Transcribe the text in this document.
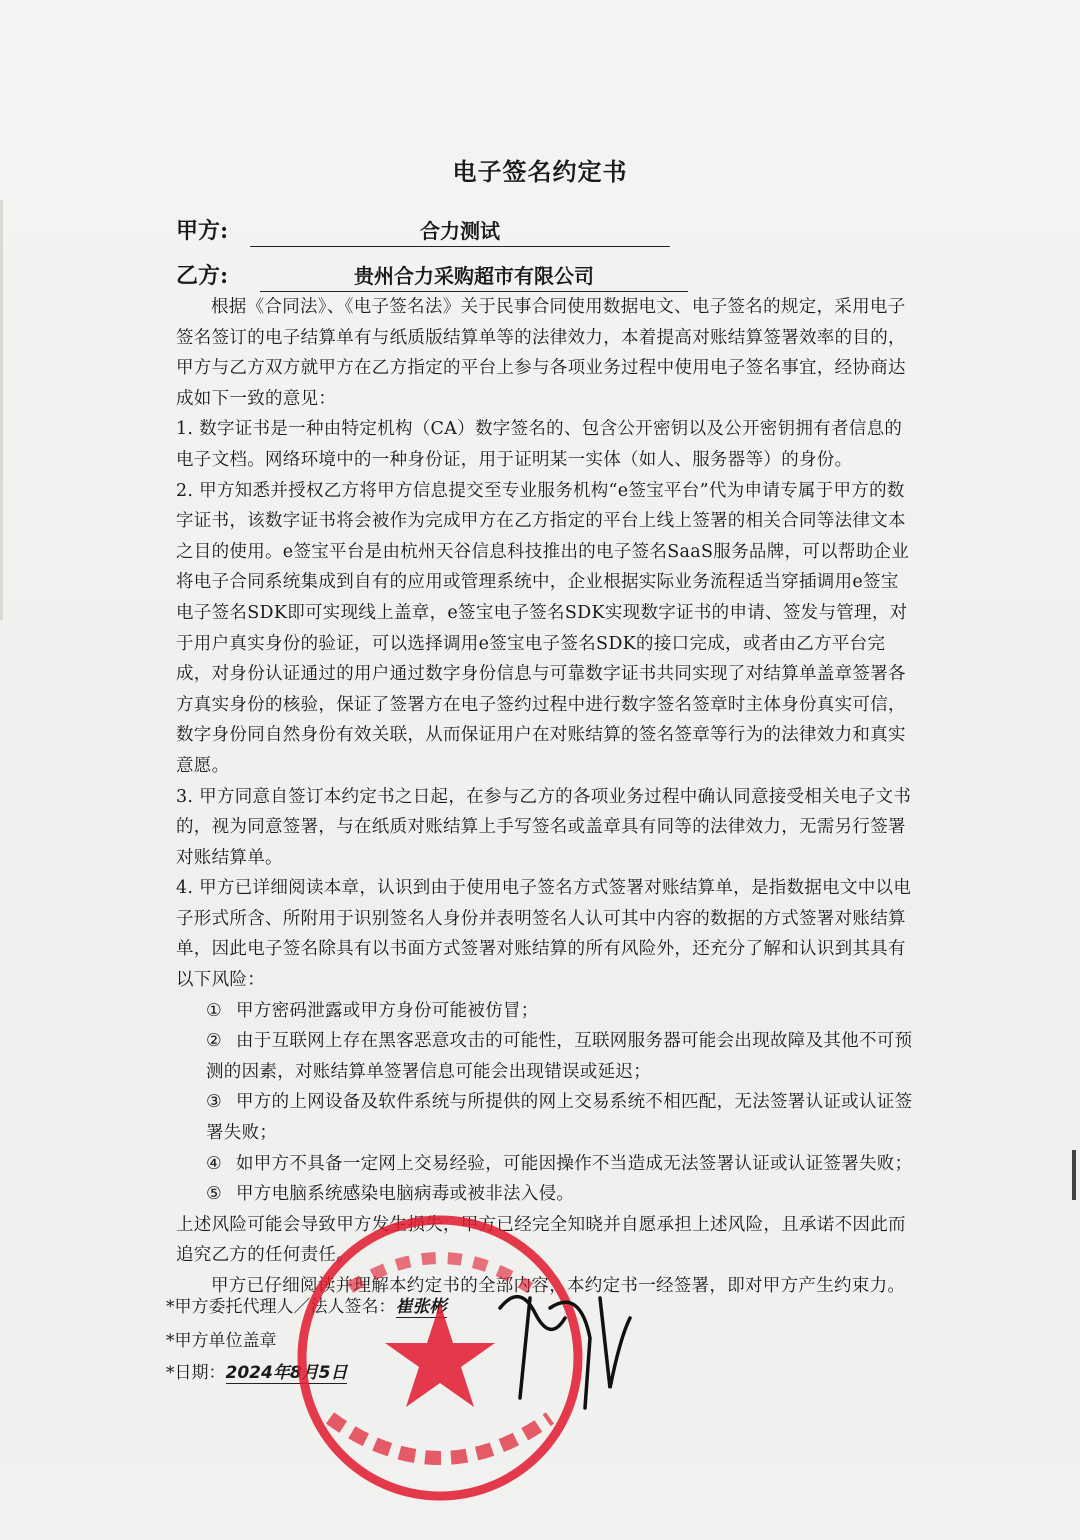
电子签名约定书
甲方:	合力测试
乙方:	贵州合力采购超市有限公司

根据《合同法》、《电子签名法》关于民事合同使用数据电文、电子签名的规定，采用电子签名签订的电子结算单有与纸质版结算单等的法律效力，本着提高对账结算签署效率的目的，甲方与乙方双方就甲方在乙方指定的平台上参与各项业务过程中使用电子签名事宜，经协商达成如下一致的意见：

1. 数字证书是一种由特定机构（CA）数字签名的、包含公开密钥以及公开密钥拥有者信息的电子文档。网络环境中的一种身份证，用于证明某一实体（如人、服务器等）的身份。

2. 甲方知悉并授权乙方将甲方信息提交至专业服务机构“e签宝平台”代为申请专属于甲方的数字证书，该数字证书将会被作为完成甲方在乙方指定的平台上线上签署的相关合同等法律文本之目的使用。e签宝平台是由杭州天谷信息科技推出的电子签名SaaS服务品牌，可以帮助企业将电子合同系统集成到自有的应用或管理系统中，企业根据实际业务流程适当穿插调用e签宝电子签名SDK即可实现线上盖章，e签宝电子签名SDK实现数字证书的申请、签发与管理，对于用户真实身份的验证，可以选择调用e签宝电子签名SDK的接口完成，或者由乙方平台完成，对身份认证通过的用户通过数字身份信息与可靠数字证书共同实现了对结算单盖章签署各方真实身份的核验，保证了签署方在电子签约过程中进行数字签名签章时主体身份真实可信，数字身份同自然身份有效关联，从而保证用户在对账结算的签名签章等行为的法律效力和真实意愿。

3. 甲方同意自签订本约定书之日起，在参与乙方的各项业务过程中确认同意接受相关电子文书的，视为同意签署，与在纸质对账结算上手写签名或盖章具有同等的法律效力，无需另行签署对账结算单。

4. 甲方已详细阅读本章，认识到由于使用电子签名方式签署对账结算单，是指数据电文中以电子形式所含、所附用于识别签名人身份并表明签名人认可其中内容的数据的方式签署对账结算单，因此电子签名除具有以书面方式签署对账结算的所有风险外，还充分了解和认识到其具有以下风险：

① 甲方密码泄露或甲方身份可能被仿冒；

② 由于互联网上存在黑客恶意攻击的可能性，互联网服务器可能会出现故障及其他不可预测的因素，对账结算单签署信息可能会出现错误或延迟；

③ 甲方的上网设备及软件系统与所提供的网上交易系统不相匹配，无法签署认证或认证签署失败；

④ 如甲方不具备一定网上交易经验，可能因操作不当造成无法签署认证或认证签署失败；

⑤ 甲方电脑系统感染电脑病毒或被非法入侵。

上述风险可能会导致甲方发生损失，甲方已经完全知晓并自愿承担上述风险，且承诺不因此而追究乙方的任何责任。

甲方已仔细阅读并理解本约定书的全部内容，本约定书一经签署，即对甲方产生约束力。

*甲方委托代理人／法人签名：崔张彬
*甲方单位盖章
*日期：2024年8月5日
